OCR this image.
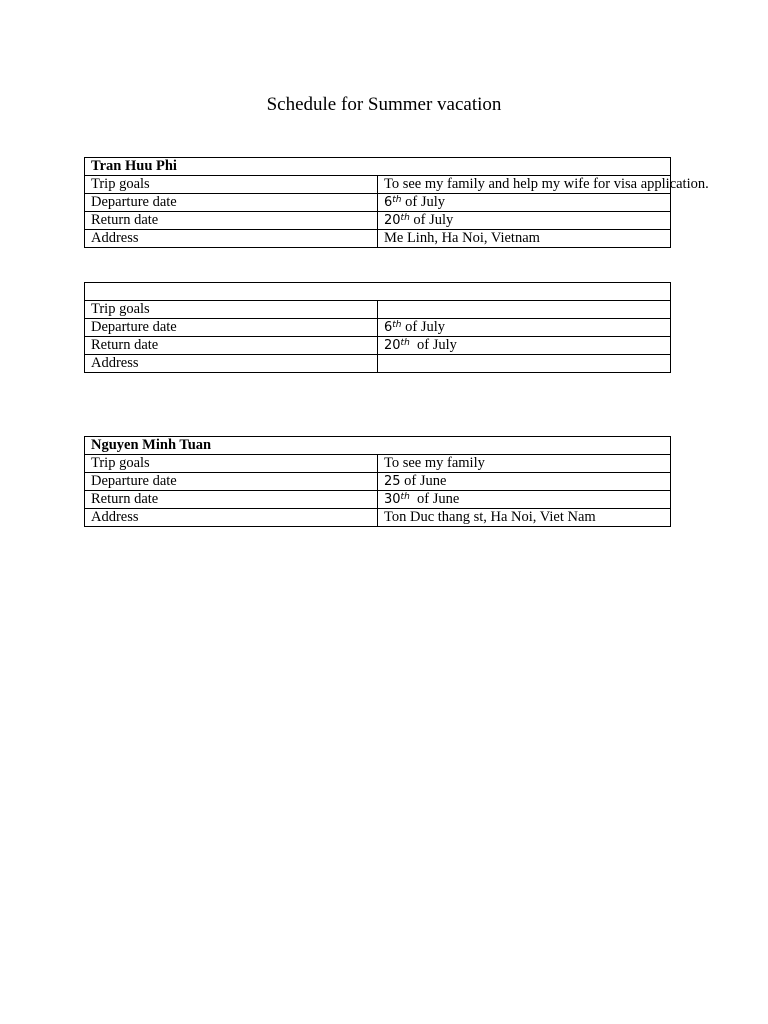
Schedule for Summer vacation
Tran Huu Phi	
Trip goals	To see my family and help my wife for visa application.
Departure date	6th of July
Return date	20th of July
Address	Me Linh, Ha Noi, Vietnam

Trip goals	
Departure date	6th of July
Return date	20th  of July
Address	
Nguyen Minh Tuan	
Trip goals	To see my family
Departure date	25 of June
Return date	30th  of June
Address	Ton Duc thang st, Ha Noi, Viet Nam
